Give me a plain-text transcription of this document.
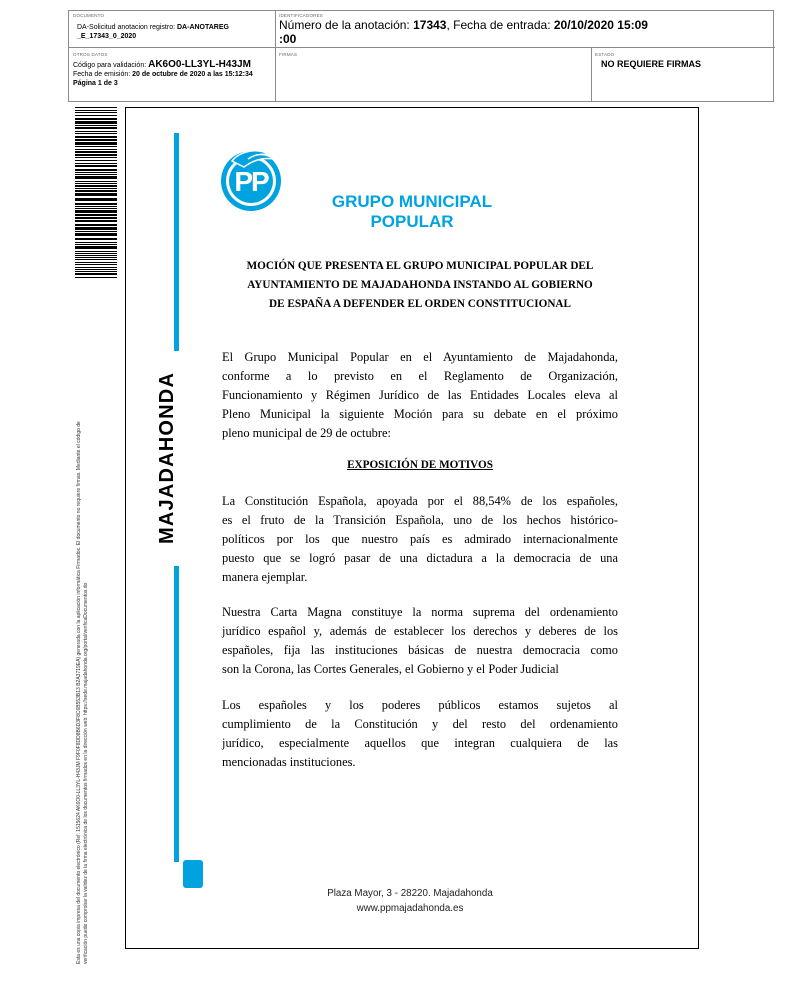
DOCUMENTO
DA-Solicitud anotacion registro: DA-ANOTAREG
_E_17343_0_2020
IDENTIFICADORES
Número de la anotación: 17343, Fecha de entrada: 20/10/2020 15:09
:00
OTROS DATOS
Código para validación: AK6O0-LL3YL-H43JM
Fecha de emisión: 20 de octubre de 2020 a las 15:12:34
Página 1 de 3
FIRMAS	ESTADO
NO REQUIERE FIRMAS
Esta es una copia impresa del documento electrónico (Ref: 1515624 AK6O0-LL3YL-H43JM F9F0F8DD8B6D3F8C6B553B13 B2A3719EA) generada con la aplicación informática Firmadoc. El documento no requiere firmas. Mediante el código de verificación puede comprobar la validez de la firma electrónica de los documentos firmados en la dirección web: https://sede.majadahonda.org/portal/verificaDocumentos.do
MAJADAHONDA
PP
GRUPO MUNICIPAL
POPULAR
MOCIÓN QUE PRESENTA EL GRUPO MUNICIPAL POPULAR DEL
AYUNTAMIENTO DE MAJADAHONDA INSTANDO AL GOBIERNO
DE ESPAÑA A DEFENDER EL ORDEN CONSTITUCIONAL
El Grupo Municipal Popular en el Ayuntamiento de Majadahonda,
conforme a lo previsto en el Reglamento de Organización,
Funcionamiento y Régimen Jurídico de las Entidades Locales eleva al
Pleno Municipal la siguiente Moción para su debate en el próximo
pleno municipal de 29 de octubre:
EXPOSICIÓN DE MOTIVOS
La Constitución Española, apoyada por el 88,54% de los españoles,
es el fruto de la Transición Española, uno de los hechos histórico-
políticos por los que nuestro país es admirado internacionalmente
puesto que se logró pasar de una dictadura a la democracia de una
manera ejemplar.
Nuestra Carta Magna constituye la norma suprema del ordenamiento
jurídico español y, además de establecer los derechos y deberes de los
españoles, fija las instituciones básicas de nuestra democracia como
son la Corona, las Cortes Generales, el Gobierno y el Poder Judicial
Los españoles y los poderes públicos estamos sujetos al
cumplimiento de la Constitución y del resto del ordenamiento
jurídico, especialmente aquellos que integran cualquiera de las
mencionadas instituciones.
Plaza Mayor, 3 - 28220. Majadahonda
www.ppmajadahonda.es
